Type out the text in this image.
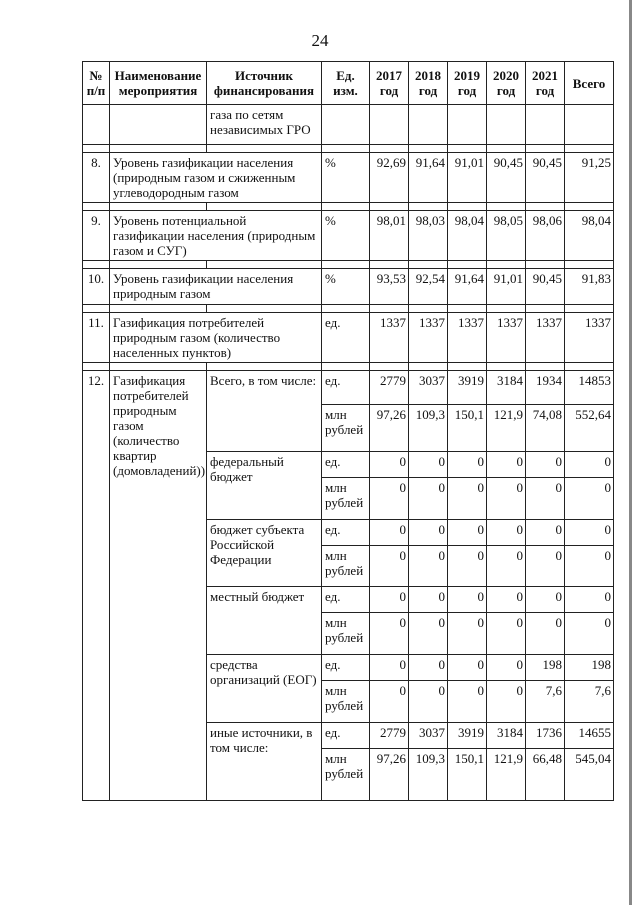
24
№ п/п	Наименование мероприятия	Источник финансирования	Ед. изм.	2017 год	2018 год	2019 год	2020 год	2021 год	Всего
		газа по сетям независимых ГРО							

8.	Уровень газификации населения (природным газом и сжиженным углеводородным газом		%	92,69	91,64	91,01	90,45	90,45	91,25

9.	Уровень потенциальной газификации населения (природным газом и СУГ)		%	98,01	98,03	98,04	98,05	98,06	98,04

10.	Уровень газификации населения природным газом		%	93,53	92,54	91,64	91,01	90,45	91,83

11.	Газификация потребителей природным газом (количество населенных пунктов)		ед.	1337	1337	1337	1337	1337	1337

12.	Газификация потребителей природным газом (количество квартир (домовладений))	Всего, в том числе:	ед.	2779	3037	3919	3184	1934	14853
			млн рублей	97,26	109,3	150,1	121,9	74,08	552,64
		федеральный бюджет	ед.	0	0	0	0	0	0
			млн рублей	0	0	0	0	0	0
		бюджет субъекта Российской Федерации	ед.	0	0	0	0	0	0
			млн рублей	0	0	0	0	0	0
		местный бюджет	ед.	0	0	0	0	0	0
			млн рублей	0	0	0	0	0	0
		средства организаций (ЕОГ)	ед.	0	0	0	0	198	198
			млн рублей	0	0	0	0	7,6	7,6
		иные источники, в том числе:	ед.	2779	3037	3919	3184	1736	14655
			млн рублей	97,26	109,3	150,1	121,9	66,48	545,04
